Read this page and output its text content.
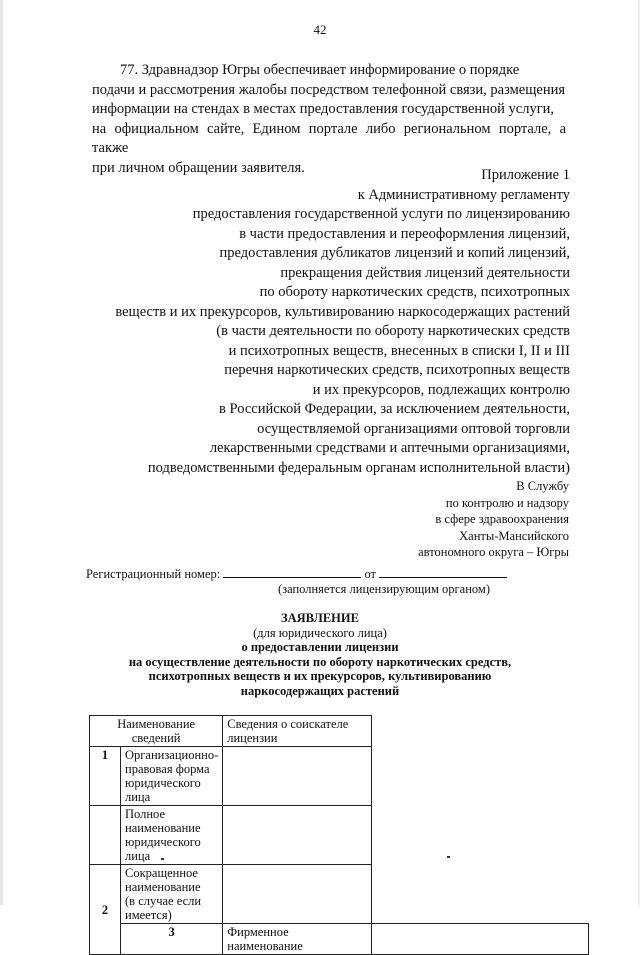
42

77. Здравнадзор Югры обеспечивает информирование о порядке

подачи и рассмотрения жалобы посредством телефонной связи, размещения

информации на стендах в местах предоставления государственной услуги,

на официальном сайте, Едином портале либо региональном портале, а также

при личном обращении заявителя.	Приложение 1
к Административному регламенту
предоставления государственной услуги по лицензированию
в части предоставления и переоформления лицензий,
предоставления дубликатов лицензий и копий лицензий,
прекращения действия лицензий деятельности
по обороту наркотических средств, психотропных
веществ и их прекурсоров, культивированию наркосодержащих растений
(в части деятельности по обороту наркотических средств
и психотропных веществ, внесенных в списки I, II и III
перечня наркотических средств, психотропных веществ
и их прекурсоров, подлежащих контролю
в Российской Федерации, за исключением деятельности,
осуществляемой организациями оптовой торговли
лекарственными средствами и аптечными организациями,
подведомственными федеральным органам исполнительной власти)
В Службу
по контролю и надзору
в сфере здравоохранения
Ханты-Мансийского
автономного округа – Югры
Регистрационный номер:	от
(заполняется лицензирующим органом)
ЗАЯВЛЕНИЕ
(для юридического лица)
о предоставлении лицензии
на осуществление деятельности по обороту наркотических средств,
психотропных веществ и их прекурсоров, культивированию
наркосодержащих растений
Наименование сведений		Сведения о соискателе лицензии	
1	Организационно-правовая форма юридического лица		
	Полное наименование юридического лица		
2	Сокращенное наименование
(в случае если имеется)		
	3	Фирменное наименование	
